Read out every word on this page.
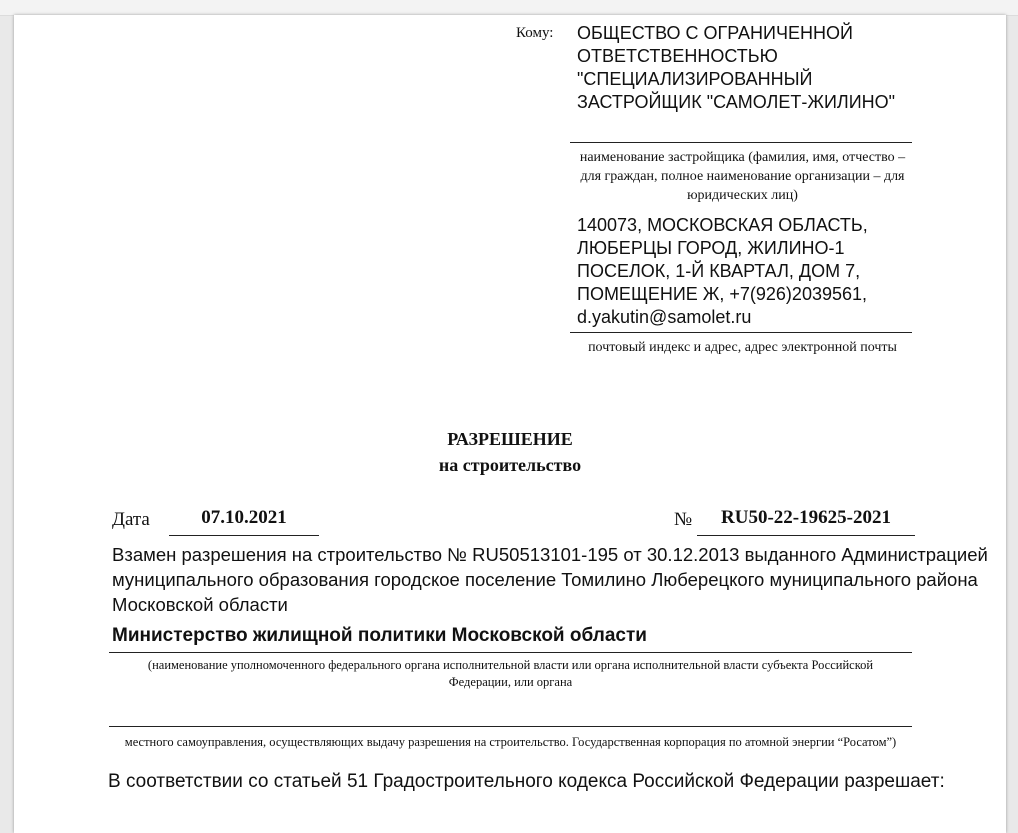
Кому: ОБЩЕСТВО С ОГРАНИЧЕННОЙ ОТВЕТСТВЕННОСТЬЮ "СПЕЦИАЛИЗИРОВАННЫЙ ЗАСТРОЙЩИК "САМОЛЕТ-ЖИЛИНО"
наименование застройщика (фамилия, имя, отчество – для граждан, полное наименование организации – для юридических лиц)
140073, МОСКОВСКАЯ ОБЛАСТЬ, ЛЮБЕРЦЫ ГОРОД, ЖИЛИНО-1 ПОСЕЛОК, 1-Й КВАРТАЛ, ДОМ 7, ПОМЕЩЕНИЕ Ж, +7(926)2039561, d.yakutin@samolet.ru
почтовый индекс и адрес, адрес электронной почты
РАЗРЕШЕНИЕ
на строительство
Дата	07.10.2021	№	RU50-22-19625-2021
Взамен разрешения на строительство № RU50513101-195 от 30.12.2013 выданного Администрацией муниципального образования городское поселение Томилино Люберецкого муниципального района Московской области
Министерство жилищной политики Московской области
(наименование уполномоченного федерального органа исполнительной власти или органа исполнительной власти субъекта Российской Федерации, или органа
местного самоуправления, осуществляющих выдачу разрешения на строительство. Государственная корпорация по атомной энергии “Росатом”)
В соответствии со статьей 51 Градостроительного кодекса Российской Федерации разрешает:
